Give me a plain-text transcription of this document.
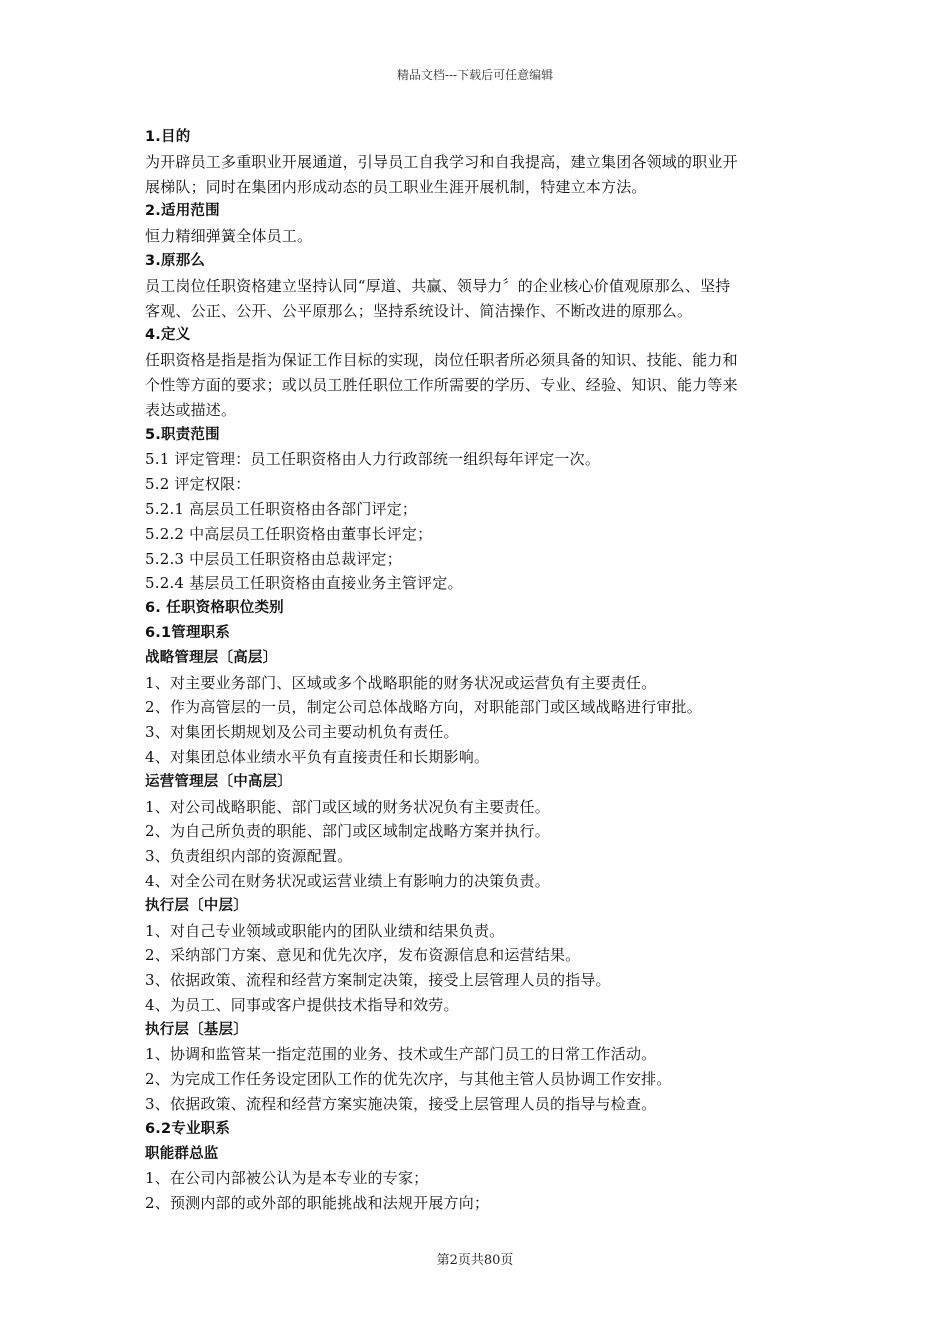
精品文档---下载后可任意编辑
1.目的
为开辟员工多重职业开展通道，引导员工自我学习和自我提高，建立集团各领域的职业开
展梯队；同时在集团内形成动态的员工职业生涯开展机制，特建立本方法。
2.适用范围
恒力精细弹簧全体员工。
3.原那么
员工岗位任职资格建立坚持认同“厚道、共赢、领导力〞的企业核心价值观原那么、坚持
客观、公正、公开、公平原那么；坚持系统设计、简洁操作、不断改进的原那么。
4.定义
任职资格是指是指为保证工作目标的实现，岗位任职者所必须具备的知识、技能、能力和
个性等方面的要求；或以员工胜任职位工作所需要的学历、专业、经验、知识、能力等来
表达或描述。
5.职责范围
5.1 评定管理：员工任职资格由人力行政部统一组织每年评定一次。
5.2 评定权限：
5.2.1 高层员工任职资格由各部门评定；
5.2.2 中高层员工任职资格由董事长评定；
5.2.3 中层员工任职资格由总裁评定；
5.2.4 基层员工任职资格由直接业务主管评定。
6. 任职资格职位类别
6.1管理职系
战略管理层〔高层〕
1、对主要业务部门、区域或多个战略职能的财务状况或运营负有主要责任。
2、作为高管层的一员，制定公司总体战略方向，对职能部门或区域战略进行审批。
3、对集团长期规划及公司主要动机负有责任。
4、对集团总体业绩水平负有直接责任和长期影响。
运营管理层〔中高层〕
1、对公司战略职能、部门或区域的财务状况负有主要责任。
2、为自己所负责的职能、部门或区域制定战略方案并执行。
3、负责组织内部的资源配置。
4、对全公司在财务状况或运营业绩上有影响力的决策负责。
执行层〔中层〕
1、对自己专业领域或职能内的团队业绩和结果负责。
2、采纳部门方案、意见和优先次序，发布资源信息和运营结果。
3、依据政策、流程和经营方案制定决策，接受上层管理人员的指导。
4、为员工、同事或客户提供技术指导和效劳。
执行层〔基层〕
1、协调和监管某一指定范围的业务、技术或生产部门员工的日常工作活动。
2、为完成工作任务设定团队工作的优先次序，与其他主管人员协调工作安排。
3、依据政策、流程和经营方案实施决策，接受上层管理人员的指导与检查。
6.2专业职系
职能群总监
1、在公司内部被公认为是本专业的专家；
2、预测内部的或外部的职能挑战和法规开展方向；
第2页共80页
